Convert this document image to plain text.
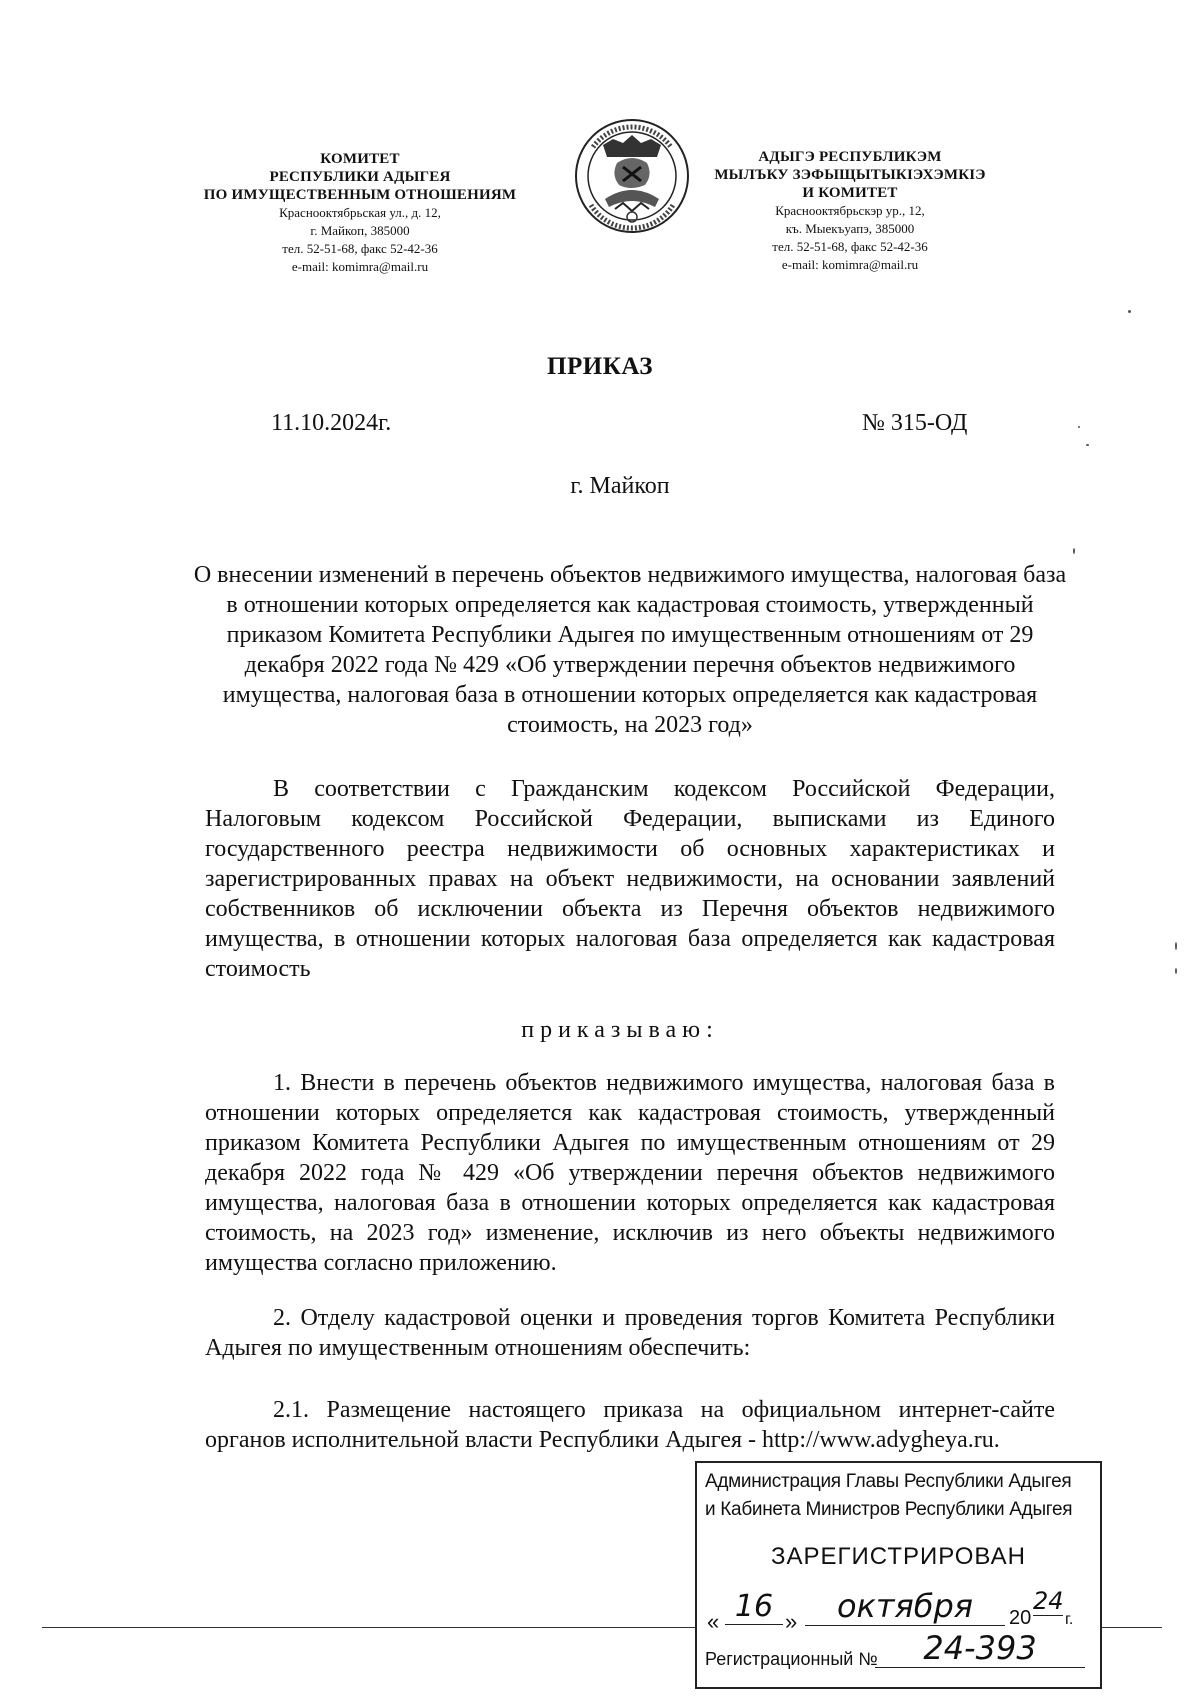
КОМИТЕТ
РЕСПУБЛИКИ АДЫГЕЯ
ПО ИМУЩЕСТВЕННЫМ ОТНОШЕНИЯМ
Краснооктябрьская ул., д. 12,
г. Майкоп, 385000
тел. 52-51-68, факс 52-42-36
e-mail: komimra@mail.ru
АДЫГЭ РЕСПУБЛИКЭМ
МЫЛЪКУ ЗЭФЫЩЫТЫКІЭХЭМКІЭ
И КОМИТЕТ
Краснооктябрьскэр ур., 12,
къ. Мыекъуапэ, 385000
тел. 52-51-68, факс 52-42-36
e-mail: komimra@mail.ru
ПРИКАЗ
11.10.2024г.	№ 315-ОД
г. Майкоп
О внесении изменений в перечень объектов недвижимого имущества, налоговая база в отношении которых определяется как кадастровая стоимость, утвержденный приказом Комитета Республики Адыгея по имущественным отношениям от 29 декабря 2022 года № 429 «Об утверждении перечня объектов недвижимого имущества, налоговая база в отношении которых определяется как кадастровая стоимость, на 2023 год»
В соответствии с Гражданским кодексом Российской Федерации, Налоговым кодексом Российской Федерации, выписками из Единого государственного реестра недвижимости об основных характеристиках и зарегистрированных правах на объект недвижимости, на основании заявлений собственников об исключении объекта из Перечня объектов недвижимого имущества, в отношении которых налоговая база определяется как кадастровая стоимость
приказываю:
1. Внести в перечень объектов недвижимого имущества, налоговая база в отношении которых определяется как кадастровая стоимость, утвержденный приказом Комитета Республики Адыгея по имущественным отношениям от 29 декабря 2022 года № 429 «Об утверждении перечня объектов недвижимого имущества, налоговая база в отношении которых определяется как кадастровая стоимость, на 2023 год» изменение, исключив из него объекты недвижимого имущества согласно приложению.
2. Отделу кадастровой оценки и проведения торгов Комитета Республики Адыгея по имущественным отношениям обеспечить:
2.1. Размещение настоящего приказа на официальном интернет-сайте органов исполнительной власти Республики Адыгея - http://www.adygheya.ru.
Администрация Главы Республики Адыгея
и Кабинета Министров Республики Адыгея
ЗАРЕГИСТРИРОВАН
« 16 »	октября	20
24
г.
Регистрационный №	24-393
